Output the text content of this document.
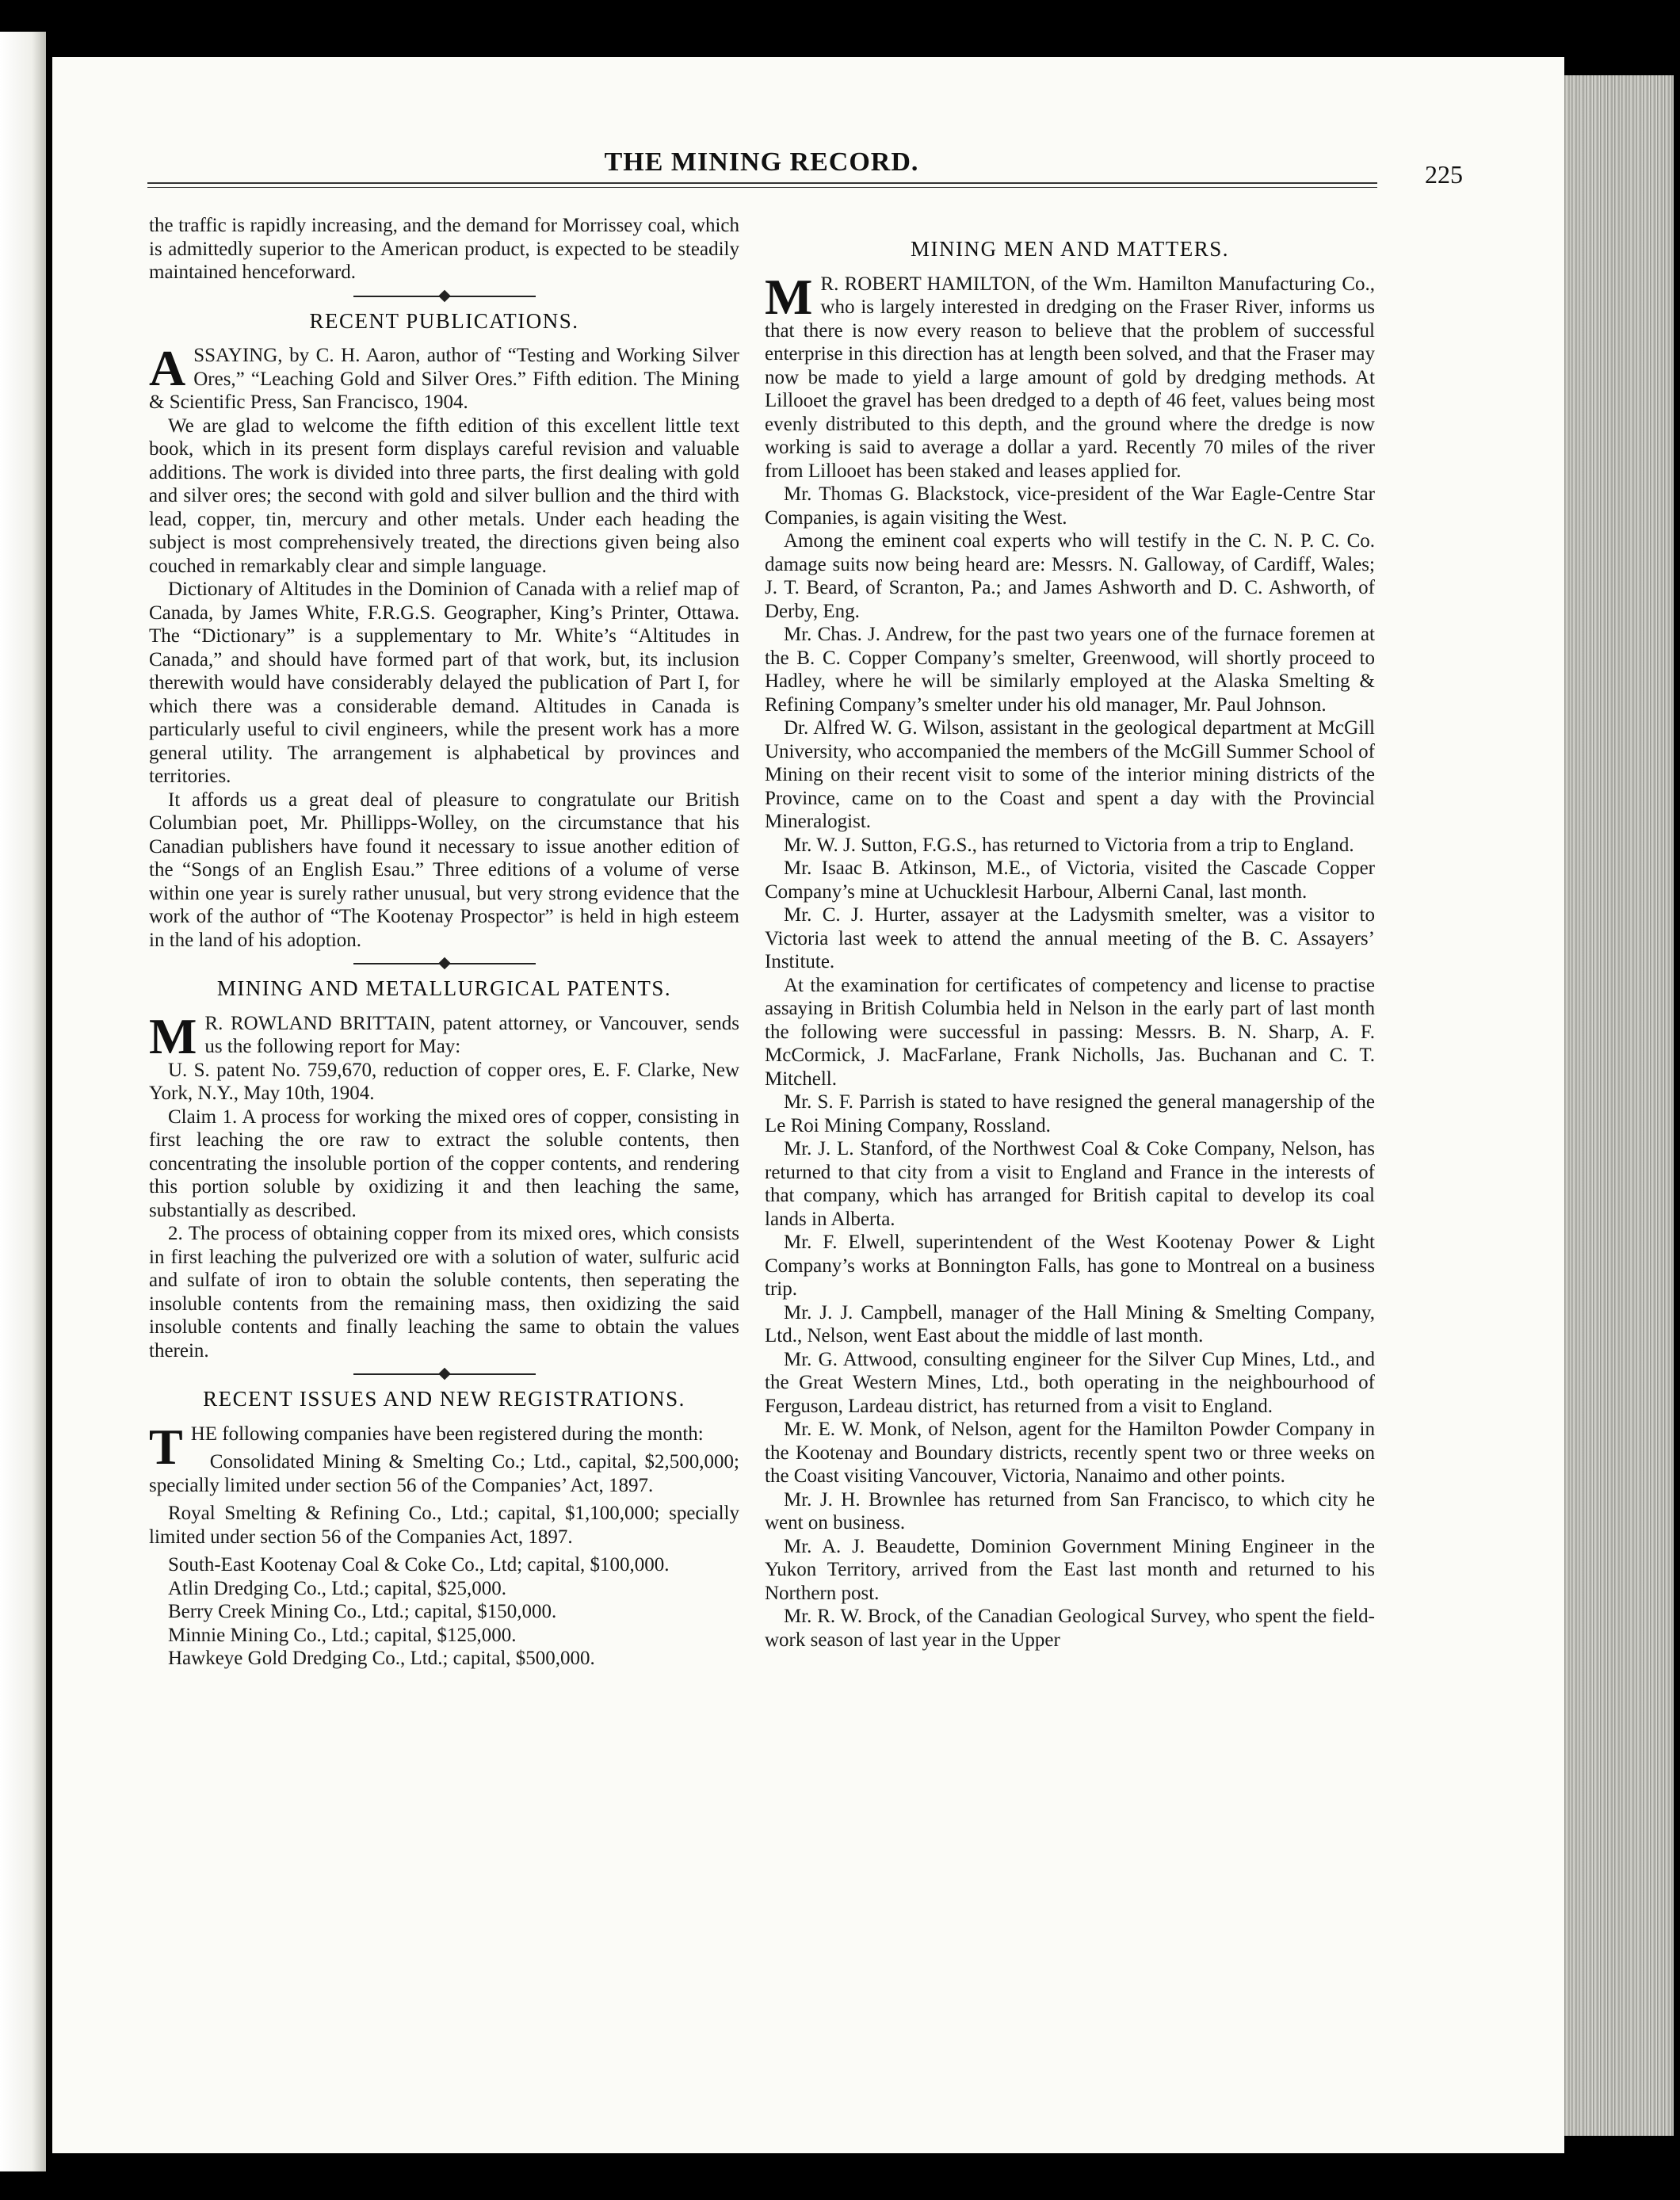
THE MINING RECORD.	225

the traffic is rapidly increasing, and the demand for Morrissey coal, which is admittedly superior to the American product, is expected to be steadily maintained henceforward.

RECENT PUBLICATIONS.

ASSAYING, by C. H. Aaron, author of “Testing and Working Silver Ores,” “Leaching Gold and Silver Ores.” Fifth edition. The Mining & Scientific Press, San Francisco, 1904.

We are glad to welcome the fifth edition of this excellent little text book, which in its present form displays careful revision and valuable additions. The work is divided into three parts, the first dealing with gold and silver ores; the second with gold and silver bullion and the third with lead, copper, tin, mercury and other metals. Under each heading the subject is most comprehensively treated, the directions given being also couched in remarkably clear and simple language.

Dictionary of Altitudes in the Dominion of Canada with a relief map of Canada, by James White, F.R.G.S. Geographer, King’s Printer, Ottawa. The “Dictionary” is a supplementary to Mr. White’s “Altitudes in Canada,” and should have formed part of that work, but, its inclusion therewith would have considerably delayed the publication of Part I, for which there was a considerable demand. Altitudes in Canada is particularly useful to civil engineers, while the present work has a more general utility. The arrangement is alphabetical by provinces and territories.

It affords us a great deal of pleasure to congratulate our British Columbian poet, Mr. Phillipps-Wolley, on the circumstance that his Canadian publishers have found it necessary to issue another edition of the “Songs of an English Esau.” Three editions of a volume of verse within one year is surely rather unusual, but very strong evidence that the work of the author of “The Kootenay Prospector” is held in high esteem in the land of his adoption.

MINING AND METALLURGICAL PATENTS.

M R. ROWLAND BRITTAIN, patent attorney, or Vancouver, sends us the following report for May:

U. S. patent No. 759,670, reduction of copper ores, E. F. Clarke, New York, N.Y., May 10th, 1904.

Claim 1. A process for working the mixed ores of copper, consisting in first leaching the ore raw to extract the soluble contents, then concentrating the insoluble portion of the copper contents, and rendering this portion soluble by oxidizing it and then leaching the same, substantially as described.

2. The process of obtaining copper from its mixed ores, which consists in first leaching the pulverized ore with a solution of water, sulfuric acid and sulfate of iron to obtain the soluble contents, then seperating the insoluble contents from the remaining mass, then oxidizing the said insoluble contents and finally leaching the same to obtain the values therein.

RECENT ISSUES AND NEW REGISTRATIONS.

THE following companies have been registered during the month:

Consolidated Mining & Smelting Co.; Ltd., capital, $2,500,000; specially limited under section 56 of the Companies’ Act, 1897.

Royal Smelting & Refining Co., Ltd.; capital, $1,100,000; specially limited under section 56 of the Companies Act, 1897.

South-East Kootenay Coal & Coke Co., Ltd; capital, $100,000.

Atlin Dredging Co., Ltd.; capital, $25,000.

Berry Creek Mining Co., Ltd.; capital, $150,000.

Minnie Mining Co., Ltd.; capital, $125,000.

Hawkeye Gold Dredging Co., Ltd.; capital, $500,000.

MINING MEN AND MATTERS.

M R. ROBERT HAMILTON, of the Wm. Hamilton Manufacturing Co., who is largely interested in dredging on the Fraser River, informs us that there is now every reason to believe that the problem of successful enterprise in this direction has at length been solved, and that the Fraser may now be made to yield a large amount of gold by dredging methods. At Lillooet the gravel has been dredged to a depth of 46 feet, values being most evenly distributed to this depth, and the ground where the dredge is now working is said to average a dollar a yard. Recently 70 miles of the river from Lillooet has been staked and leases applied for.

Mr. Thomas G. Blackstock, vice-president of the War Eagle-Centre Star Companies, is again visiting the West.

Among the eminent coal experts who will testify in the C. N. P. C. Co. damage suits now being heard are: Messrs. N. Galloway, of Cardiff, Wales; J. T. Beard, of Scranton, Pa.; and James Ashworth and D. C. Ashworth, of Derby, Eng.

Mr. Chas. J. Andrew, for the past two years one of the furnace foremen at the B. C. Copper Company’s smelter, Greenwood, will shortly proceed to Hadley, where he will be similarly employed at the Alaska Smelting & Refining Company’s smelter under his old manager, Mr. Paul Johnson.

Dr. Alfred W. G. Wilson, assistant in the geological department at McGill University, who accompanied the members of the McGill Summer School of Mining on their recent visit to some of the interior mining districts of the Province, came on to the Coast and spent a day with the Provincial Mineralogist.

Mr. W. J. Sutton, F.G.S., has returned to Victoria from a trip to England.

Mr. Isaac B. Atkinson, M.E., of Victoria, visited the Cascade Copper Company’s mine at Uchucklesit Harbour, Alberni Canal, last month.

Mr. C. J. Hurter, assayer at the Ladysmith smelter, was a visitor to Victoria last week to attend the annual meeting of the B. C. Assayers’ Institute.

At the examination for certificates of competency and license to practise assaying in British Columbia held in Nelson in the early part of last month the following were successful in passing: Messrs. B. N. Sharp, A. F. McCormick, J. MacFarlane, Frank Nicholls, Jas. Buchanan and C. T. Mitchell.

Mr. S. F. Parrish is stated to have resigned the general managership of the Le Roi Mining Company, Rossland.

Mr. J. L. Stanford, of the Northwest Coal & Coke Company, Nelson, has returned to that city from a visit to England and France in the interests of that company, which has arranged for British capital to develop its coal lands in Alberta.

Mr. F. Elwell, superintendent of the West Kootenay Power & Light Company’s works at Bonnington Falls, has gone to Montreal on a business trip.

Mr. J. J. Campbell, manager of the Hall Mining & Smelting Company, Ltd., Nelson, went East about the middle of last month.

Mr. G. Attwood, consulting engineer for the Silver Cup Mines, Ltd., and the Great Western Mines, Ltd., both operating in the neighbourhood of Ferguson, Lardeau district, has returned from a visit to England.

Mr. E. W. Monk, of Nelson, agent for the Hamilton Powder Company in the Kootenay and Boundary districts, recently spent two or three weeks on the Coast visiting Vancouver, Victoria, Nanaimo and other points.

Mr. J. H. Brownlee has returned from San Francisco, to which city he went on business.

Mr. A. J. Beaudette, Dominion Government Mining Engineer in the Yukon Territory, arrived from the East last month and returned to his Northern post.

Mr. R. W. Brock, of the Canadian Geological Survey, who spent the field-work season of last year in the Upper
